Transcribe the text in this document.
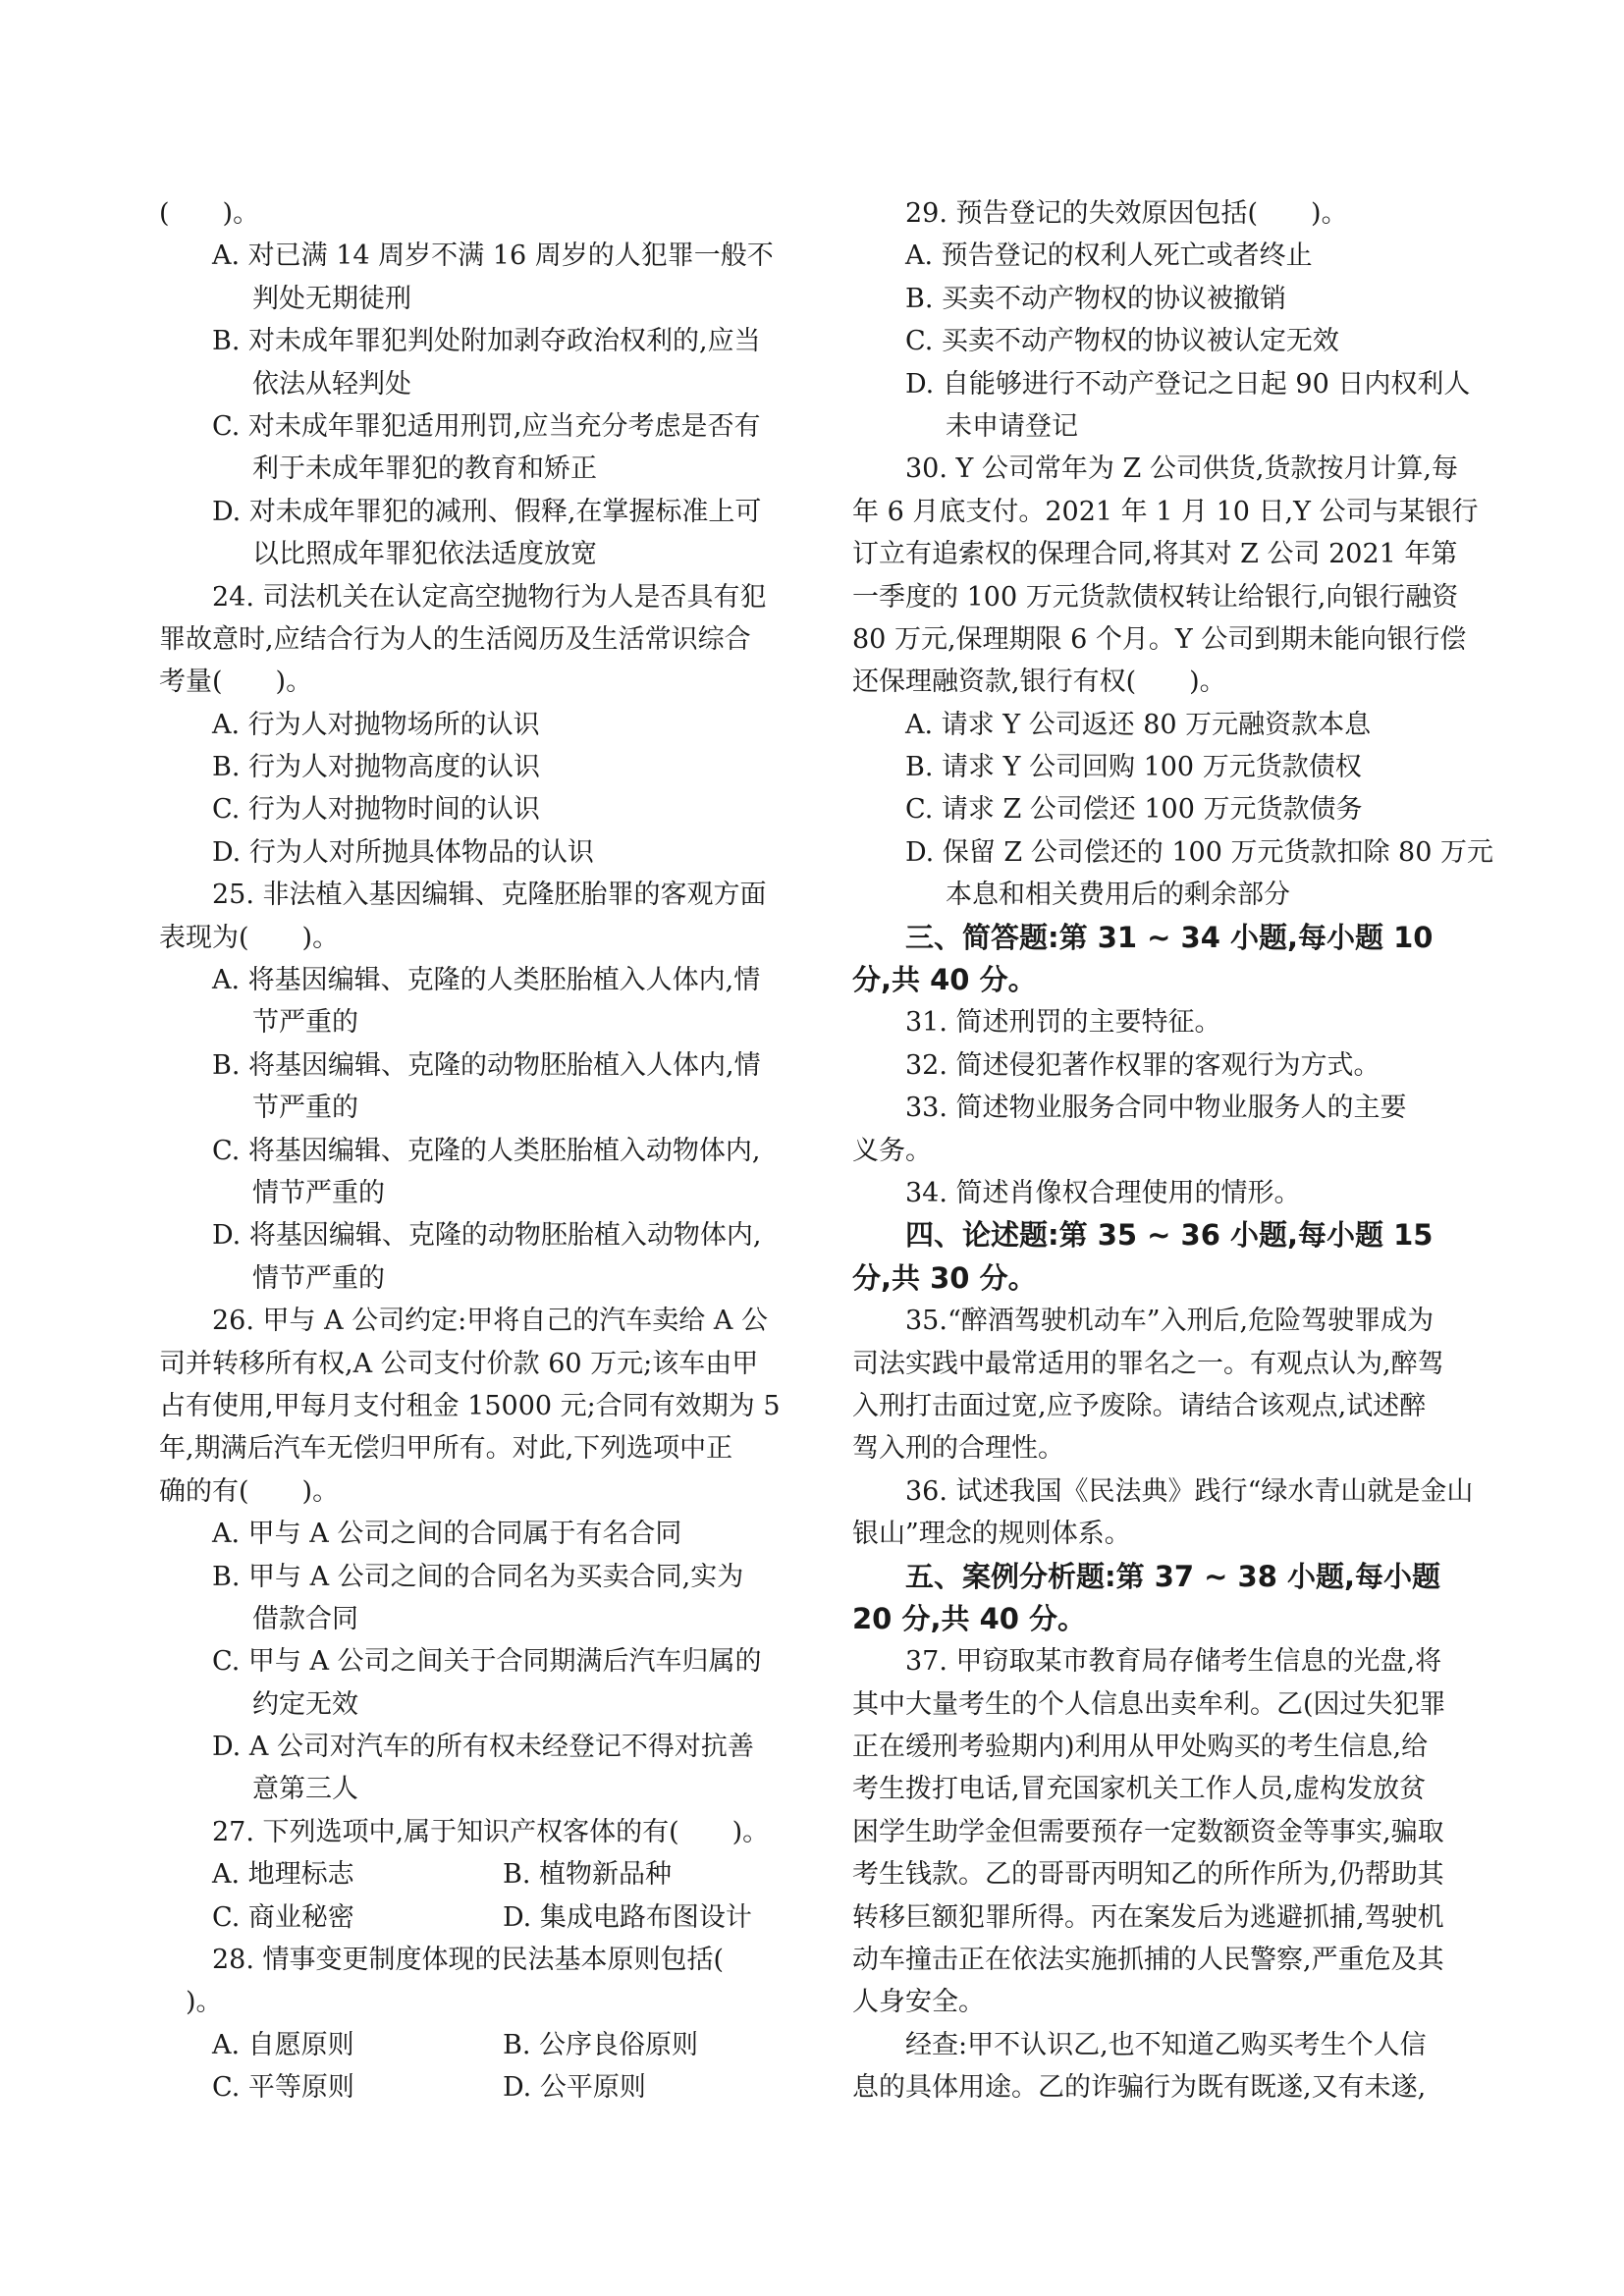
(　　)。
A. 对已满 14 周岁不满 16 周岁的人犯罪一般不
判处无期徒刑
B. 对未成年罪犯判处附加剥夺政治权利的,应当
依法从轻判处
C. 对未成年罪犯适用刑罚,应当充分考虑是否有
利于未成年罪犯的教育和矫正
D. 对未成年罪犯的减刑、假释,在掌握标准上可
以比照成年罪犯依法适度放宽
24. 司法机关在认定高空抛物行为人是否具有犯
罪故意时,应结合行为人的生活阅历及生活常识综合
考量(　　)。
A. 行为人对抛物场所的认识
B. 行为人对抛物高度的认识
C. 行为人对抛物时间的认识
D. 行为人对所抛具体物品的认识
25. 非法植入基因编辑、克隆胚胎罪的客观方面
表现为(　　)。
A. 将基因编辑、克隆的人类胚胎植入人体内,情
节严重的
B. 将基因编辑、克隆的动物胚胎植入人体内,情
节严重的
C. 将基因编辑、克隆的人类胚胎植入动物体内,
情节严重的
D. 将基因编辑、克隆的动物胚胎植入动物体内,
情节严重的
26. 甲与 A 公司约定:甲将自己的汽车卖给 A 公
司并转移所有权,A 公司支付价款 60 万元;该车由甲
占有使用,甲每月支付租金 15000 元;合同有效期为 5
年,期满后汽车无偿归甲所有。对此,下列选项中正
确的有(　　)。
A. 甲与 A 公司之间的合同属于有名合同
B. 甲与 A 公司之间的合同名为买卖合同,实为
借款合同
C. 甲与 A 公司之间关于合同期满后汽车归属的
约定无效
D. A 公司对汽车的所有权未经登记不得对抗善
意第三人
27. 下列选项中,属于知识产权客体的有(　　)。
A. 地理标志	B. 植物新品种
C. 商业秘密	D. 集成电路布图设计
28. 情事变更制度体现的民法基本原则包括(
　)。
A. 自愿原则	B. 公序良俗原则
C. 平等原则	D. 公平原则
29. 预告登记的失效原因包括(　　)。
A. 预告登记的权利人死亡或者终止
B. 买卖不动产物权的协议被撤销
C. 买卖不动产物权的协议被认定无效
D. 自能够进行不动产登记之日起 90 日内权利人
未申请登记
30. Y 公司常年为 Z 公司供货,货款按月计算,每
年 6 月底支付。2021 年 1 月 10 日,Y 公司与某银行
订立有追索权的保理合同,将其对 Z 公司 2021 年第
一季度的 100 万元货款债权转让给银行,向银行融资
80 万元,保理期限 6 个月。Y 公司到期未能向银行偿
还保理融资款,银行有权(　　)。
A. 请求 Y 公司返还 80 万元融资款本息
B. 请求 Y 公司回购 100 万元货款债权
C. 请求 Z 公司偿还 100 万元货款债务
D. 保留 Z 公司偿还的 100 万元货款扣除 80 万元
本息和相关费用后的剩余部分
三、简答题:第 31 ~ 34 小题,每小题 10
分,共 40 分。
31. 简述刑罚的主要特征。
32. 简述侵犯著作权罪的客观行为方式。
33. 简述物业服务合同中物业服务人的主要
义务。
34. 简述肖像权合理使用的情形。
四、论述题:第 35 ~ 36 小题,每小题 15
分,共 30 分。
35.“醉酒驾驶机动车”入刑后,危险驾驶罪成为
司法实践中最常适用的罪名之一。有观点认为,醉驾
入刑打击面过宽,应予废除。请结合该观点,试述醉
驾入刑的合理性。
36. 试述我国《民法典》践行“绿水青山就是金山
银山”理念的规则体系。
五、案例分析题:第 37 ~ 38 小题,每小题
20 分,共 40 分。
37. 甲窃取某市教育局存储考生信息的光盘,将
其中大量考生的个人信息出卖牟利。乙(因过失犯罪
正在缓刑考验期内)利用从甲处购买的考生信息,给
考生拨打电话,冒充国家机关工作人员,虚构发放贫
困学生助学金但需要预存一定数额资金等事实,骗取
考生钱款。乙的哥哥丙明知乙的所作所为,仍帮助其
转移巨额犯罪所得。丙在案发后为逃避抓捕,驾驶机
动车撞击正在依法实施抓捕的人民警察,严重危及其
人身安全。
经查:甲不认识乙,也不知道乙购买考生个人信
息的具体用途。乙的诈骗行为既有既遂,又有未遂,
